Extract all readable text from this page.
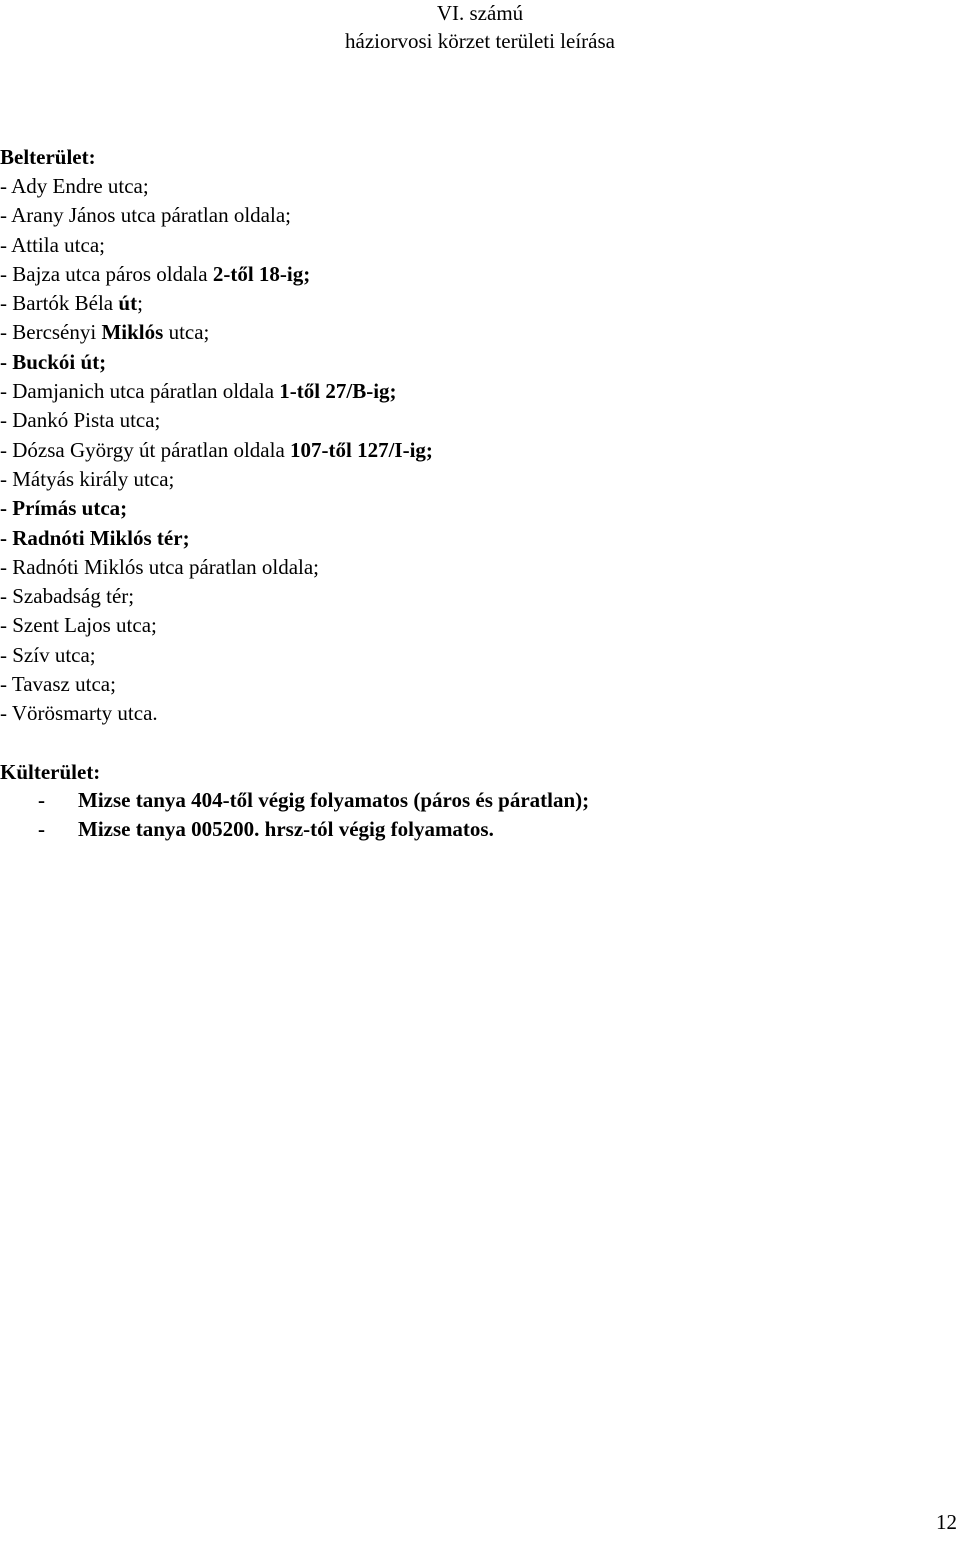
VI. számú

háziorvosi körzet területi leírása

Belterület:

- Ady Endre utca;
- Arany János utca páratlan oldala;
- Attila utca;
- Bajza utca páros oldala 2-től 18-ig;
- Bartók Béla út;
- Bercsényi Miklós utca;
- Buckói út;
- Damjanich utca páratlan oldala 1-től 27/B-ig;
- Dankó Pista utca;
- Dózsa György út páratlan oldala 107-től 127/I-ig;
- Mátyás király utca;
- Prímás utca;
- Radnóti Miklós tér;
- Radnóti Miklós utca páratlan oldala;
- Szabadság tér;
- Szent Lajos utca;
- Szív utca;
- Tavasz utca;
- Vörösmarty utca.

Külterület:

- Mizse tanya 404-től végig folyamatos (páros és páratlan);
- Mizse tanya 005200. hrsz-tól végig folyamatos.
12
